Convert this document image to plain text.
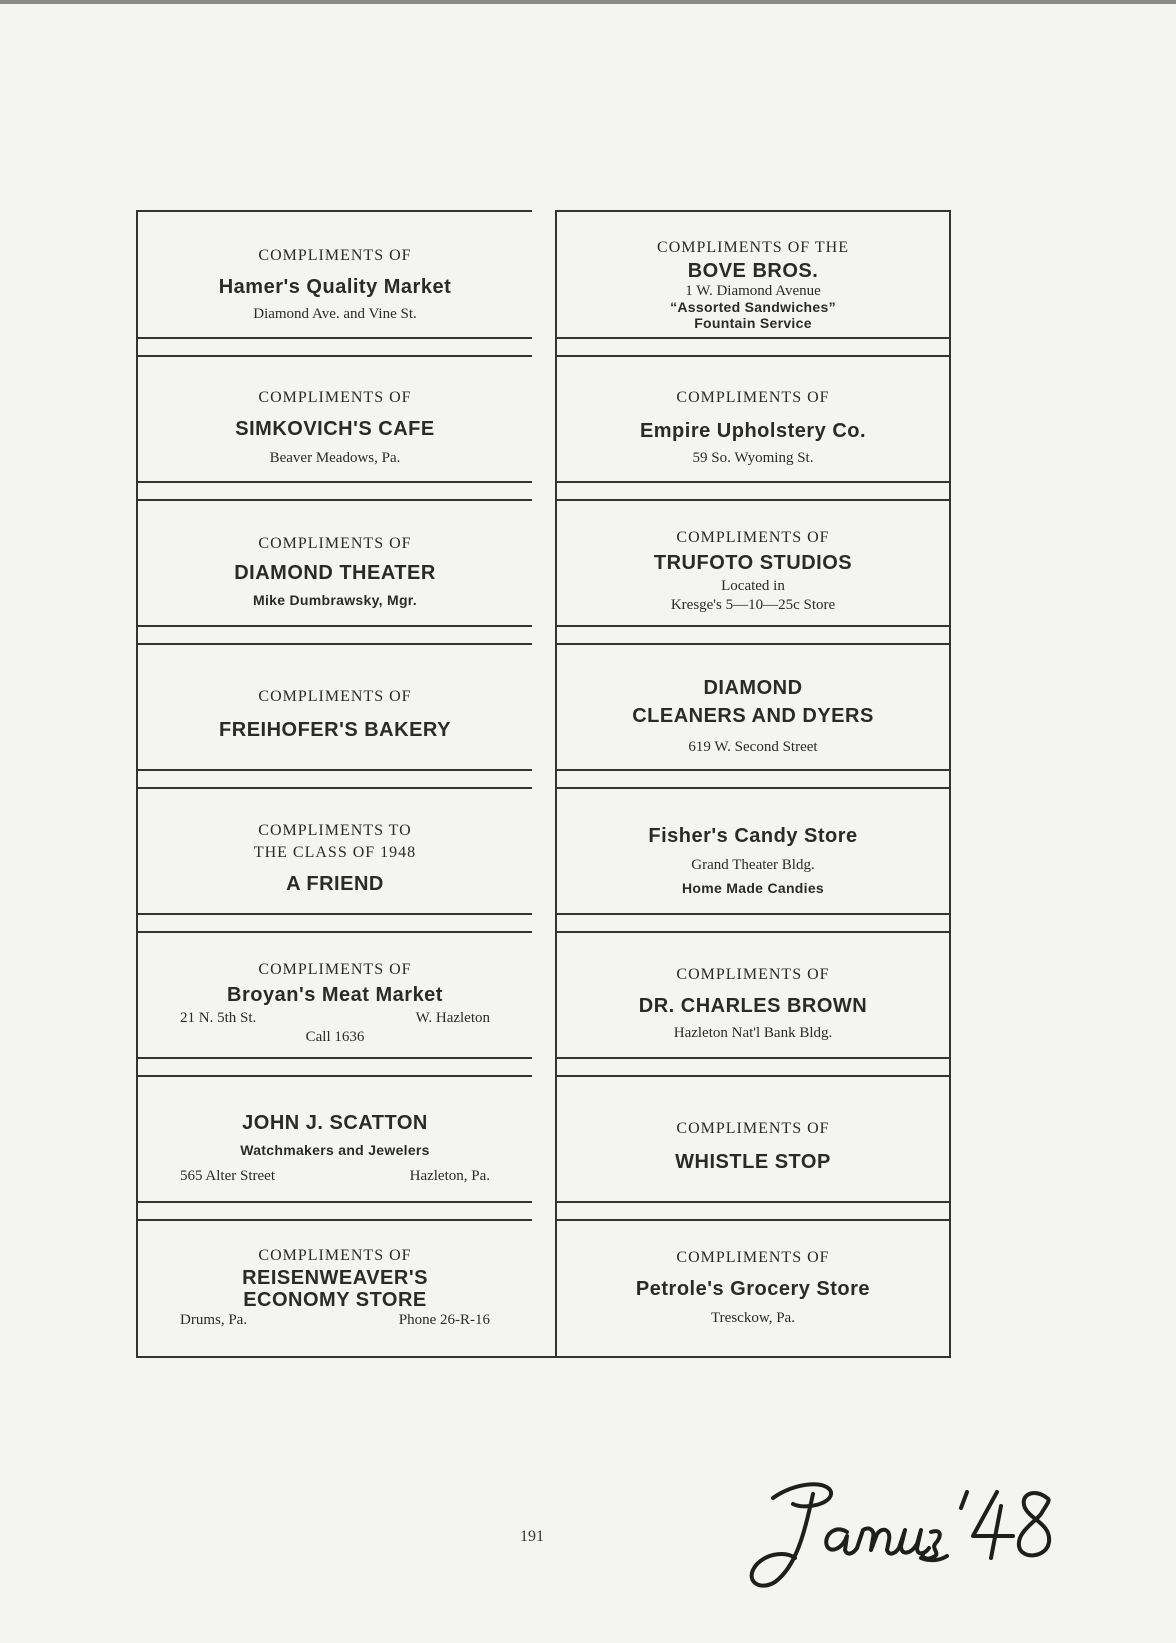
COMPLIMENTS OF
Hamer's Quality Market
Diamond Ave. and Vine St.
COMPLIMENTS OF
SIMKOVICH'S CAFE
Beaver Meadows, Pa.
COMPLIMENTS OF
DIAMOND THEATER
Mike Dumbrawsky, Mgr.
COMPLIMENTS OF
FREIHOFER'S BAKERY
COMPLIMENTS TO
THE CLASS OF 1948
A FRIEND
COMPLIMENTS OF
Broyan's Meat Market
21 N. 5th St.	W. Hazleton
Call 1636
JOHN J. SCATTON
Watchmakers and Jewelers
565 Alter Street	Hazleton, Pa.
COMPLIMENTS OF
REISENWEAVER'S
ECONOMY STORE
Drums, Pa.	Phone 26-R-16
COMPLIMENTS OF THE
BOVE BROS.
1 W. Diamond Avenue
“Assorted Sandwiches”
Fountain Service
COMPLIMENTS OF
Empire Upholstery Co.
59 So. Wyoming St.
COMPLIMENTS OF
TRUFOTO STUDIOS
Located in
Kresge's 5—10—25c Store
DIAMOND
CLEANERS AND DYERS
619 W. Second Street
Fisher's Candy Store
Grand Theater Bldg.
Home Made Candies
COMPLIMENTS OF
DR. CHARLES BROWN
Hazleton Nat'l Bank Bldg.
COMPLIMENTS OF
WHISTLE STOP
COMPLIMENTS OF
Petrole's Grocery Store
Tresckow, Pa.
191
